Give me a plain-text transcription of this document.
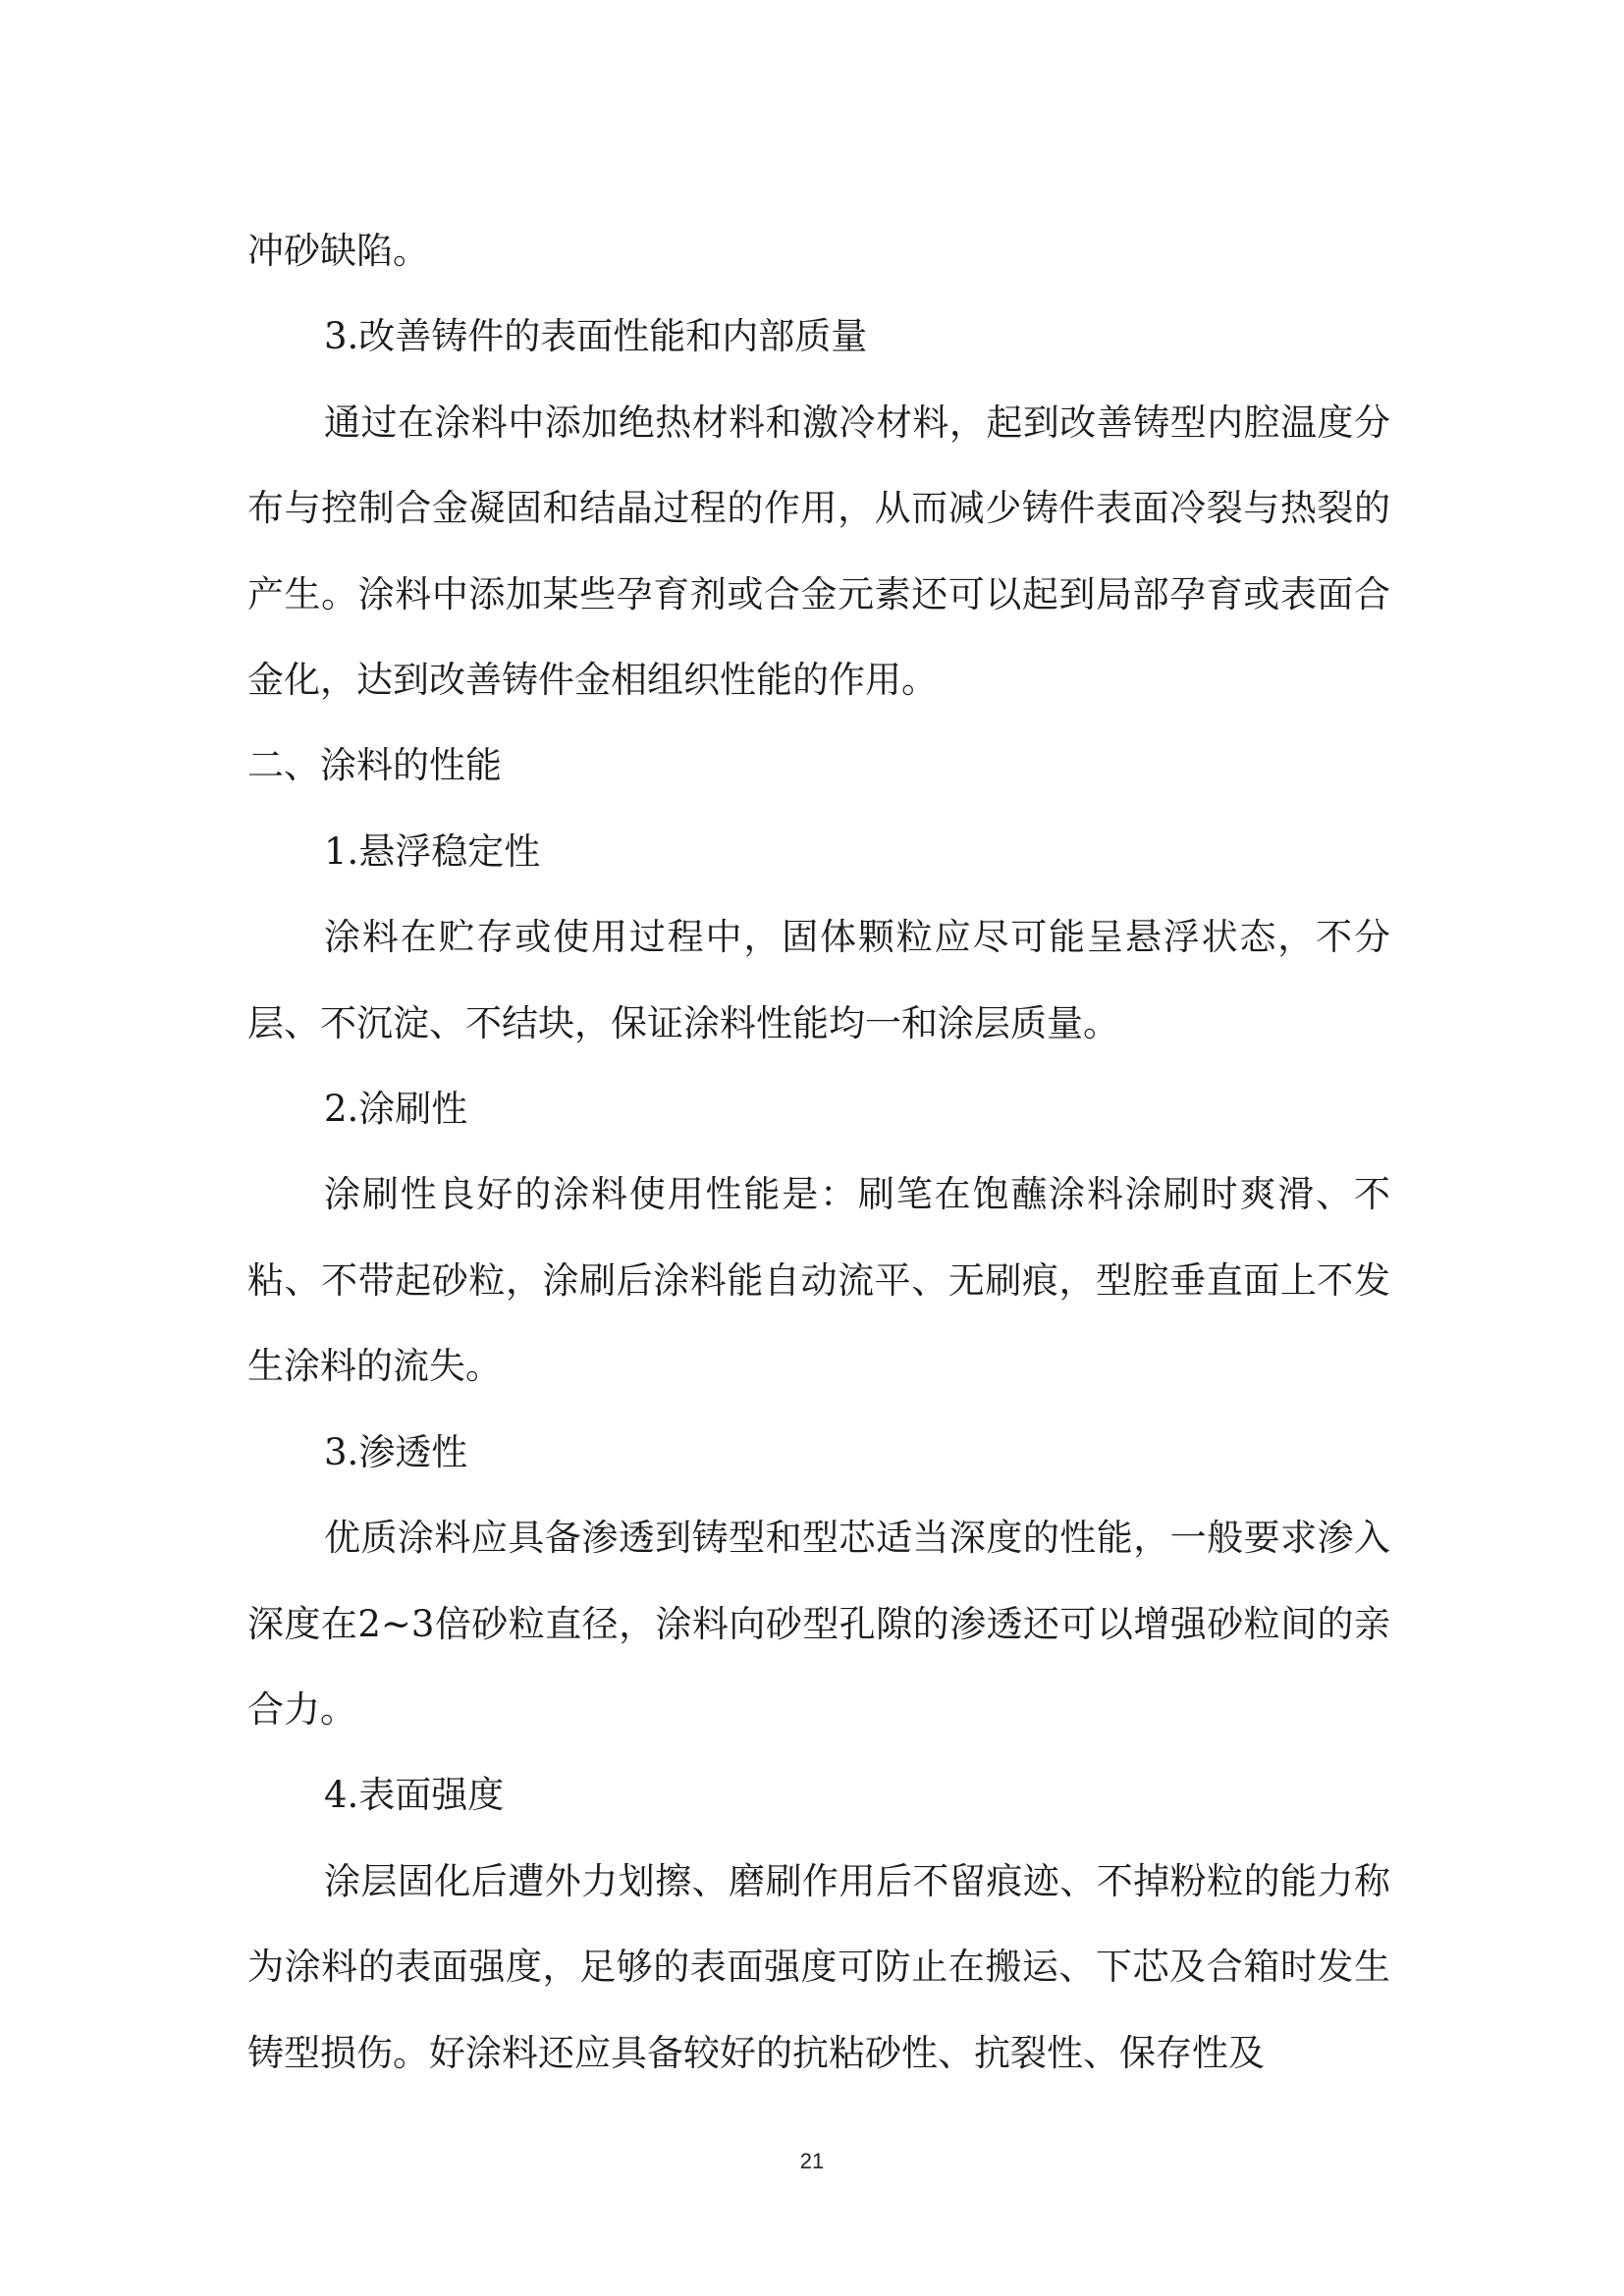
冲砂缺陷。

3.改善铸件的表面性能和内部质量

通过在涂料中添加绝热材料和激冷材料，起到改善铸型内腔温度分布与控制合金凝固和结晶过程的作用，从而减少铸件表面冷裂与热裂的产生。涂料中添加某些孕育剂或合金元素还可以起到局部孕育或表面合金化，达到改善铸件金相组织性能的作用。

二、涂料的性能

1.悬浮稳定性

涂料在贮存或使用过程中，固体颗粒应尽可能呈悬浮状态，不分层、不沉淀、不结块，保证涂料性能均一和涂层质量。

2.涂刷性

涂刷性良好的涂料使用性能是：刷笔在饱蘸涂料涂刷时爽滑、不粘、不带起砂粒，涂刷后涂料能自动流平、无刷痕，型腔垂直面上不发生涂料的流失。

3.渗透性

优质涂料应具备渗透到铸型和型芯适当深度的性能，一般要求渗入深度在2~3倍砂粒直径，涂料向砂型孔隙的渗透还可以增强砂粒间的亲合力。

4.表面强度

涂层固化后遭外力划擦、磨刷作用后不留痕迹、不掉粉粒的能力称为涂料的表面强度，足够的表面强度可防止在搬运、下芯及合箱时发生铸型损伤。好涂料还应具备较好的抗粘砂性、抗裂性、保存性及

21
